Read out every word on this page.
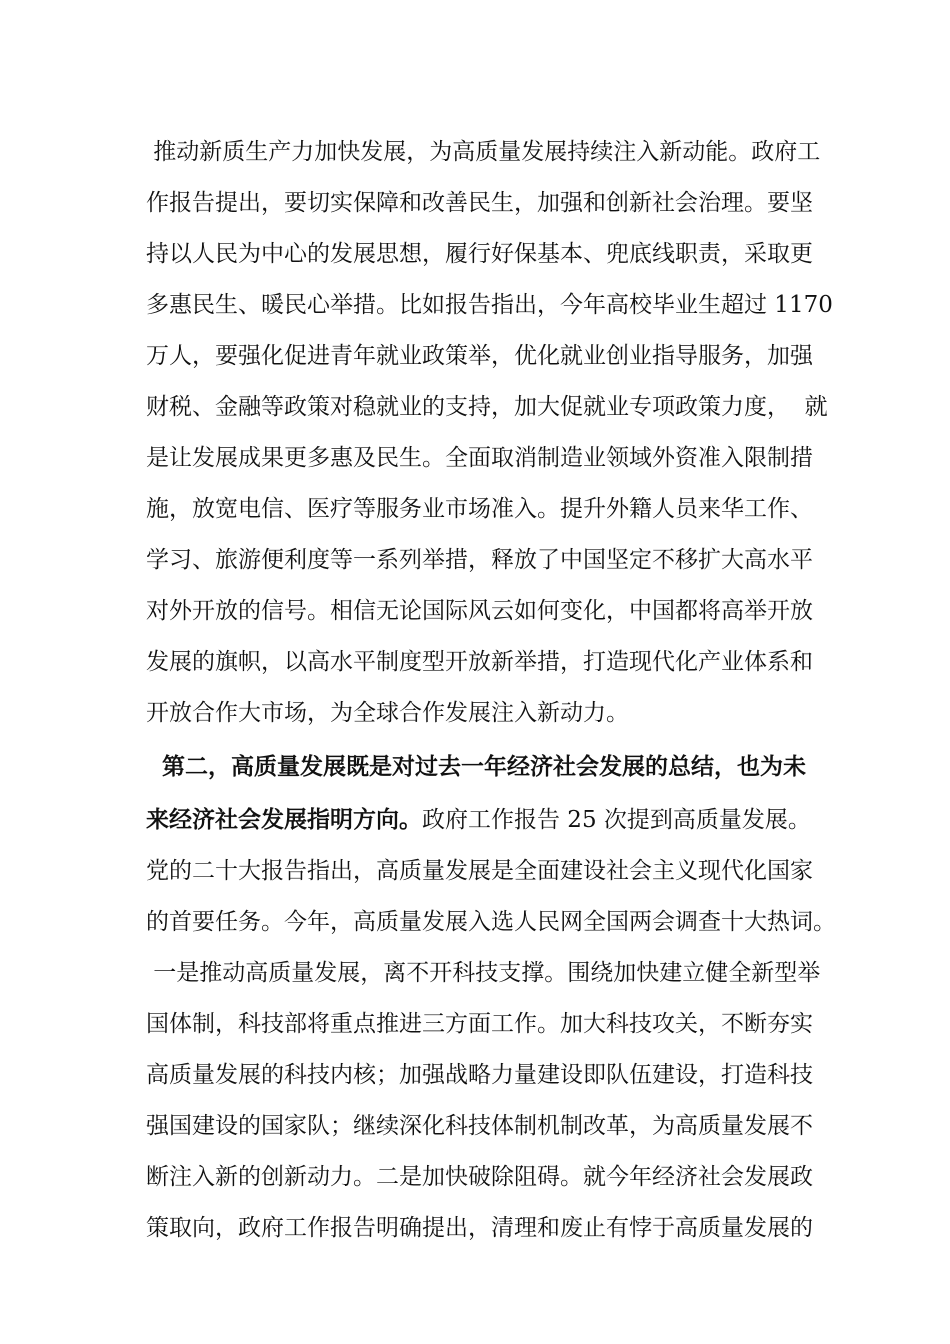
推动新质生产力加快发展，为高质量发展持续注入新动能。政府工
作报告提出，要切实保障和改善民生，加强和创新社会治理。要坚
持以人民为中心的发展思想，履行好保基本、兜底线职责，采取更
多惠民生、暖民心举措。比如报告指出，今年高校毕业生超过 1170
万人，要强化促进青年就业政策举，优化就业创业指导服务，加强
财税、金融等政策对稳就业的支持，加大促就业专项政策力度，  就
是让发展成果更多惠及民生。全面取消制造业领域外资准入限制措
施，放宽电信、医疗等服务业市场准入。提升外籍人员来华工作、
学习、旅游便利度等一系列举措，释放了中国坚定不移扩大高水平
对外开放的信号。相信无论国际风云如何变化，中国都将高举开放
发展的旗帜，以高水平制度型开放新举措，打造现代化产业体系和
开放合作大市场，为全球合作发展注入新动力。
第二，高质量发展既是对过去一年经济社会发展的总结，也为未
来经济社会发展指明方向。政府工作报告 25 次提到高质量发展。
党的二十大报告指出，高质量发展是全面建设社会主义现代化国家
的首要任务。今年，高质量发展入选人民网全国两会调查十大热词。
一是推动高质量发展，离不开科技支撑。围绕加快建立健全新型举
国体制，科技部将重点推进三方面工作。加大科技攻关，不断夯实
高质量发展的科技内核；加强战略力量建设即队伍建设，打造科技
强国建设的国家队；继续深化科技体制机制改革，为高质量发展不
断注入新的创新动力。二是加快破除阻碍。就今年经济社会发展政
策取向，政府工作报告明确提出，清理和废止有悖于高质量发展的
